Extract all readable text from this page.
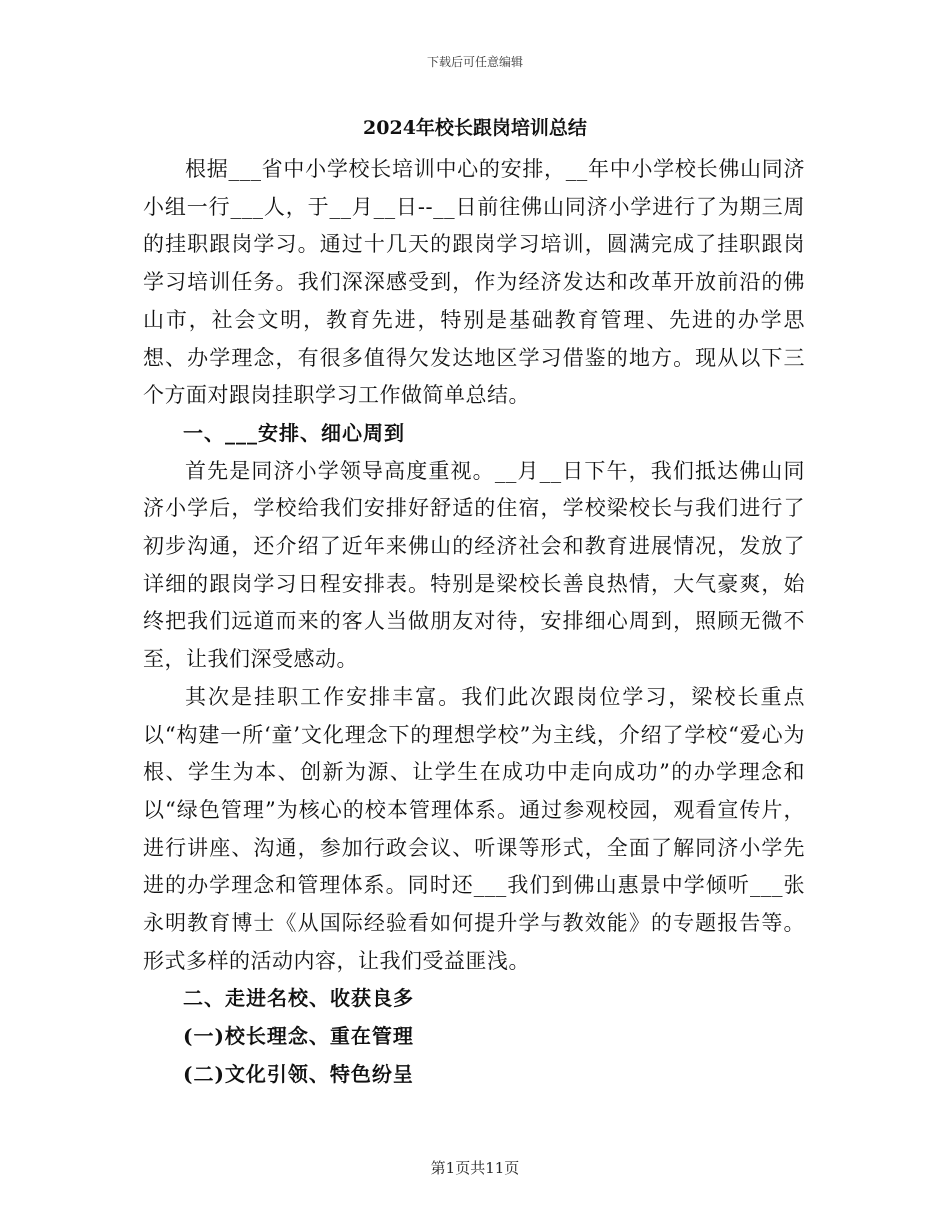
下载后可任意编辑
2024年校长跟岗培训总结

根据___省中小学校长培训中心的安排，__年中小学校长佛山同济小组一行___人，于__月__日--__日前往佛山同济小学进行了为期三周的挂职跟岗学习。通过十几天的跟岗学习培训，圆满完成了挂职跟岗学习培训任务。我们深深感受到，作为经济发达和改革开放前沿的佛山市，社会文明，教育先进，特别是基础教育管理、先进的办学思想、办学理念，有很多值得欠发达地区学习借鉴的地方。现从以下三个方面对跟岗挂职学习工作做简单总结。

一、___安排、细心周到

首先是同济小学领导高度重视。__月__日下午，我们抵达佛山同济小学后，学校给我们安排好舒适的住宿，学校梁校长与我们进行了初步沟通，还介绍了近年来佛山的经济社会和教育进展情况，发放了详细的跟岗学习日程安排表。特别是梁校长善良热情，大气豪爽，始终把我们远道而来的客人当做朋友对待，安排细心周到，照顾无微不至，让我们深受感动。

其次是挂职工作安排丰富。我们此次跟岗位学习，梁校长重点以“构建一所‘童’文化理念下的理想学校”为主线，介绍了学校“爱心为根、学生为本、创新为源、让学生在成功中走向成功”的办学理念和以“绿色管理”为核心的校本管理体系。通过参观校园，观看宣传片，进行讲座、沟通，参加行政会议、听课等形式，全面了解同济小学先进的办学理念和管理体系。同时还___我们到佛山惠景中学倾听___张永明教育博士《从国际经验看如何提升学与教效能》的专题报告等。形式多样的活动内容，让我们受益匪浅。

二、走进名校、收获良多

(一)校长理念、重在管理

(二)文化引领、特色纷呈

第1页共11页
